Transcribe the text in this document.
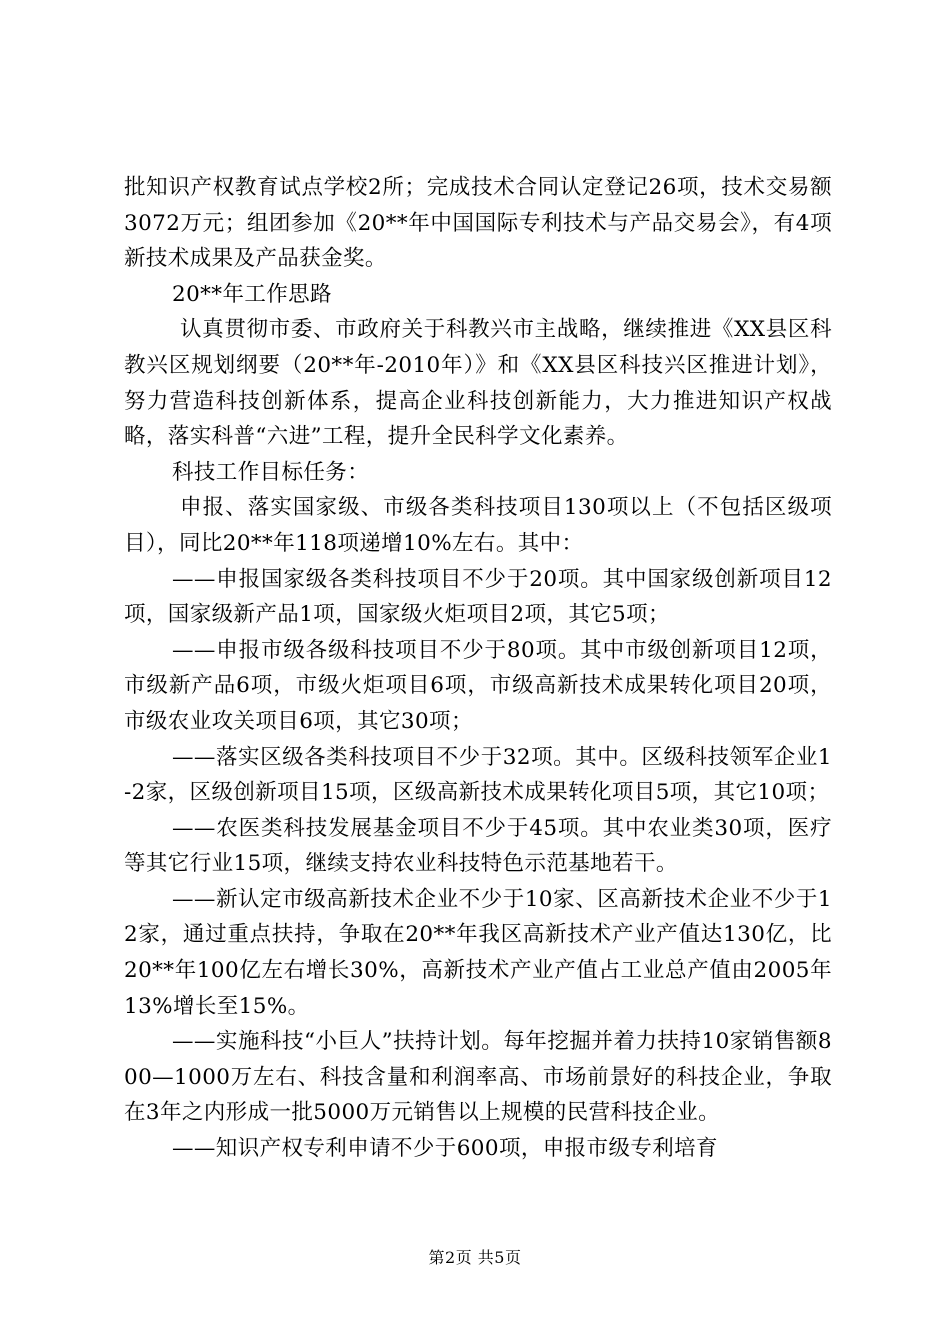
批知识产权教育试点学校2所；完成技术合同认定登记26项，技术交易额3072万元；组团参加《20**年中国国际专利技术与产品交易会》，有4项新技术成果及产品获金奖。

20**年工作思路

认真贯彻市委、市政府关于科教兴市主战略，继续推进《XX县区科教兴区规划纲要（20**年-2010年）》和《XX县区科技兴区推进计划》，努力营造科技创新体系，提高企业科技创新能力，大力推进知识产权战略，落实科普“六进”工程，提升全民科学文化素养。

科技工作目标任务：

申报、落实国家级、市级各类科技项目130项以上（不包括区级项目），同比20**年118项递增10%左右。其中：

——申报国家级各类科技项目不少于20项。其中国家级创新项目12项，国家级新产品1项，国家级火炬项目2项，其它5项；

——申报市级各级科技项目不少于80项。其中市级创新项目12项，市级新产品6项，市级火炬项目6项，市级高新技术成果转化项目20项，市级农业攻关项目6项，其它30项；

——落实区级各类科技项目不少于32项。其中。区级科技领军企业1-2家，区级创新项目15项，区级高新技术成果转化项目5项，其它10项；

——农医类科技发展基金项目不少于45项。其中农业类30项，医疗等其它行业15项，继续支持农业科技特色示范基地若干。

——新认定市级高新技术企业不少于10家、区高新技术企业不少于12家，通过重点扶持，争取在20**年我区高新技术产业产值达130亿，比20**年100亿左右增长30%，高新技术产业产值占工业总产值由2005年13%增长至15%。

——实施科技“小巨人”扶持计划。每年挖掘并着力扶持10家销售额800—1000万左右、科技含量和利润率高、市场前景好的科技企业，争取在3年之内形成一批5000万元销售以上规模的民营科技企业。

——知识产权专利申请不少于600项，申报市级专利培育

第2页 共5页
